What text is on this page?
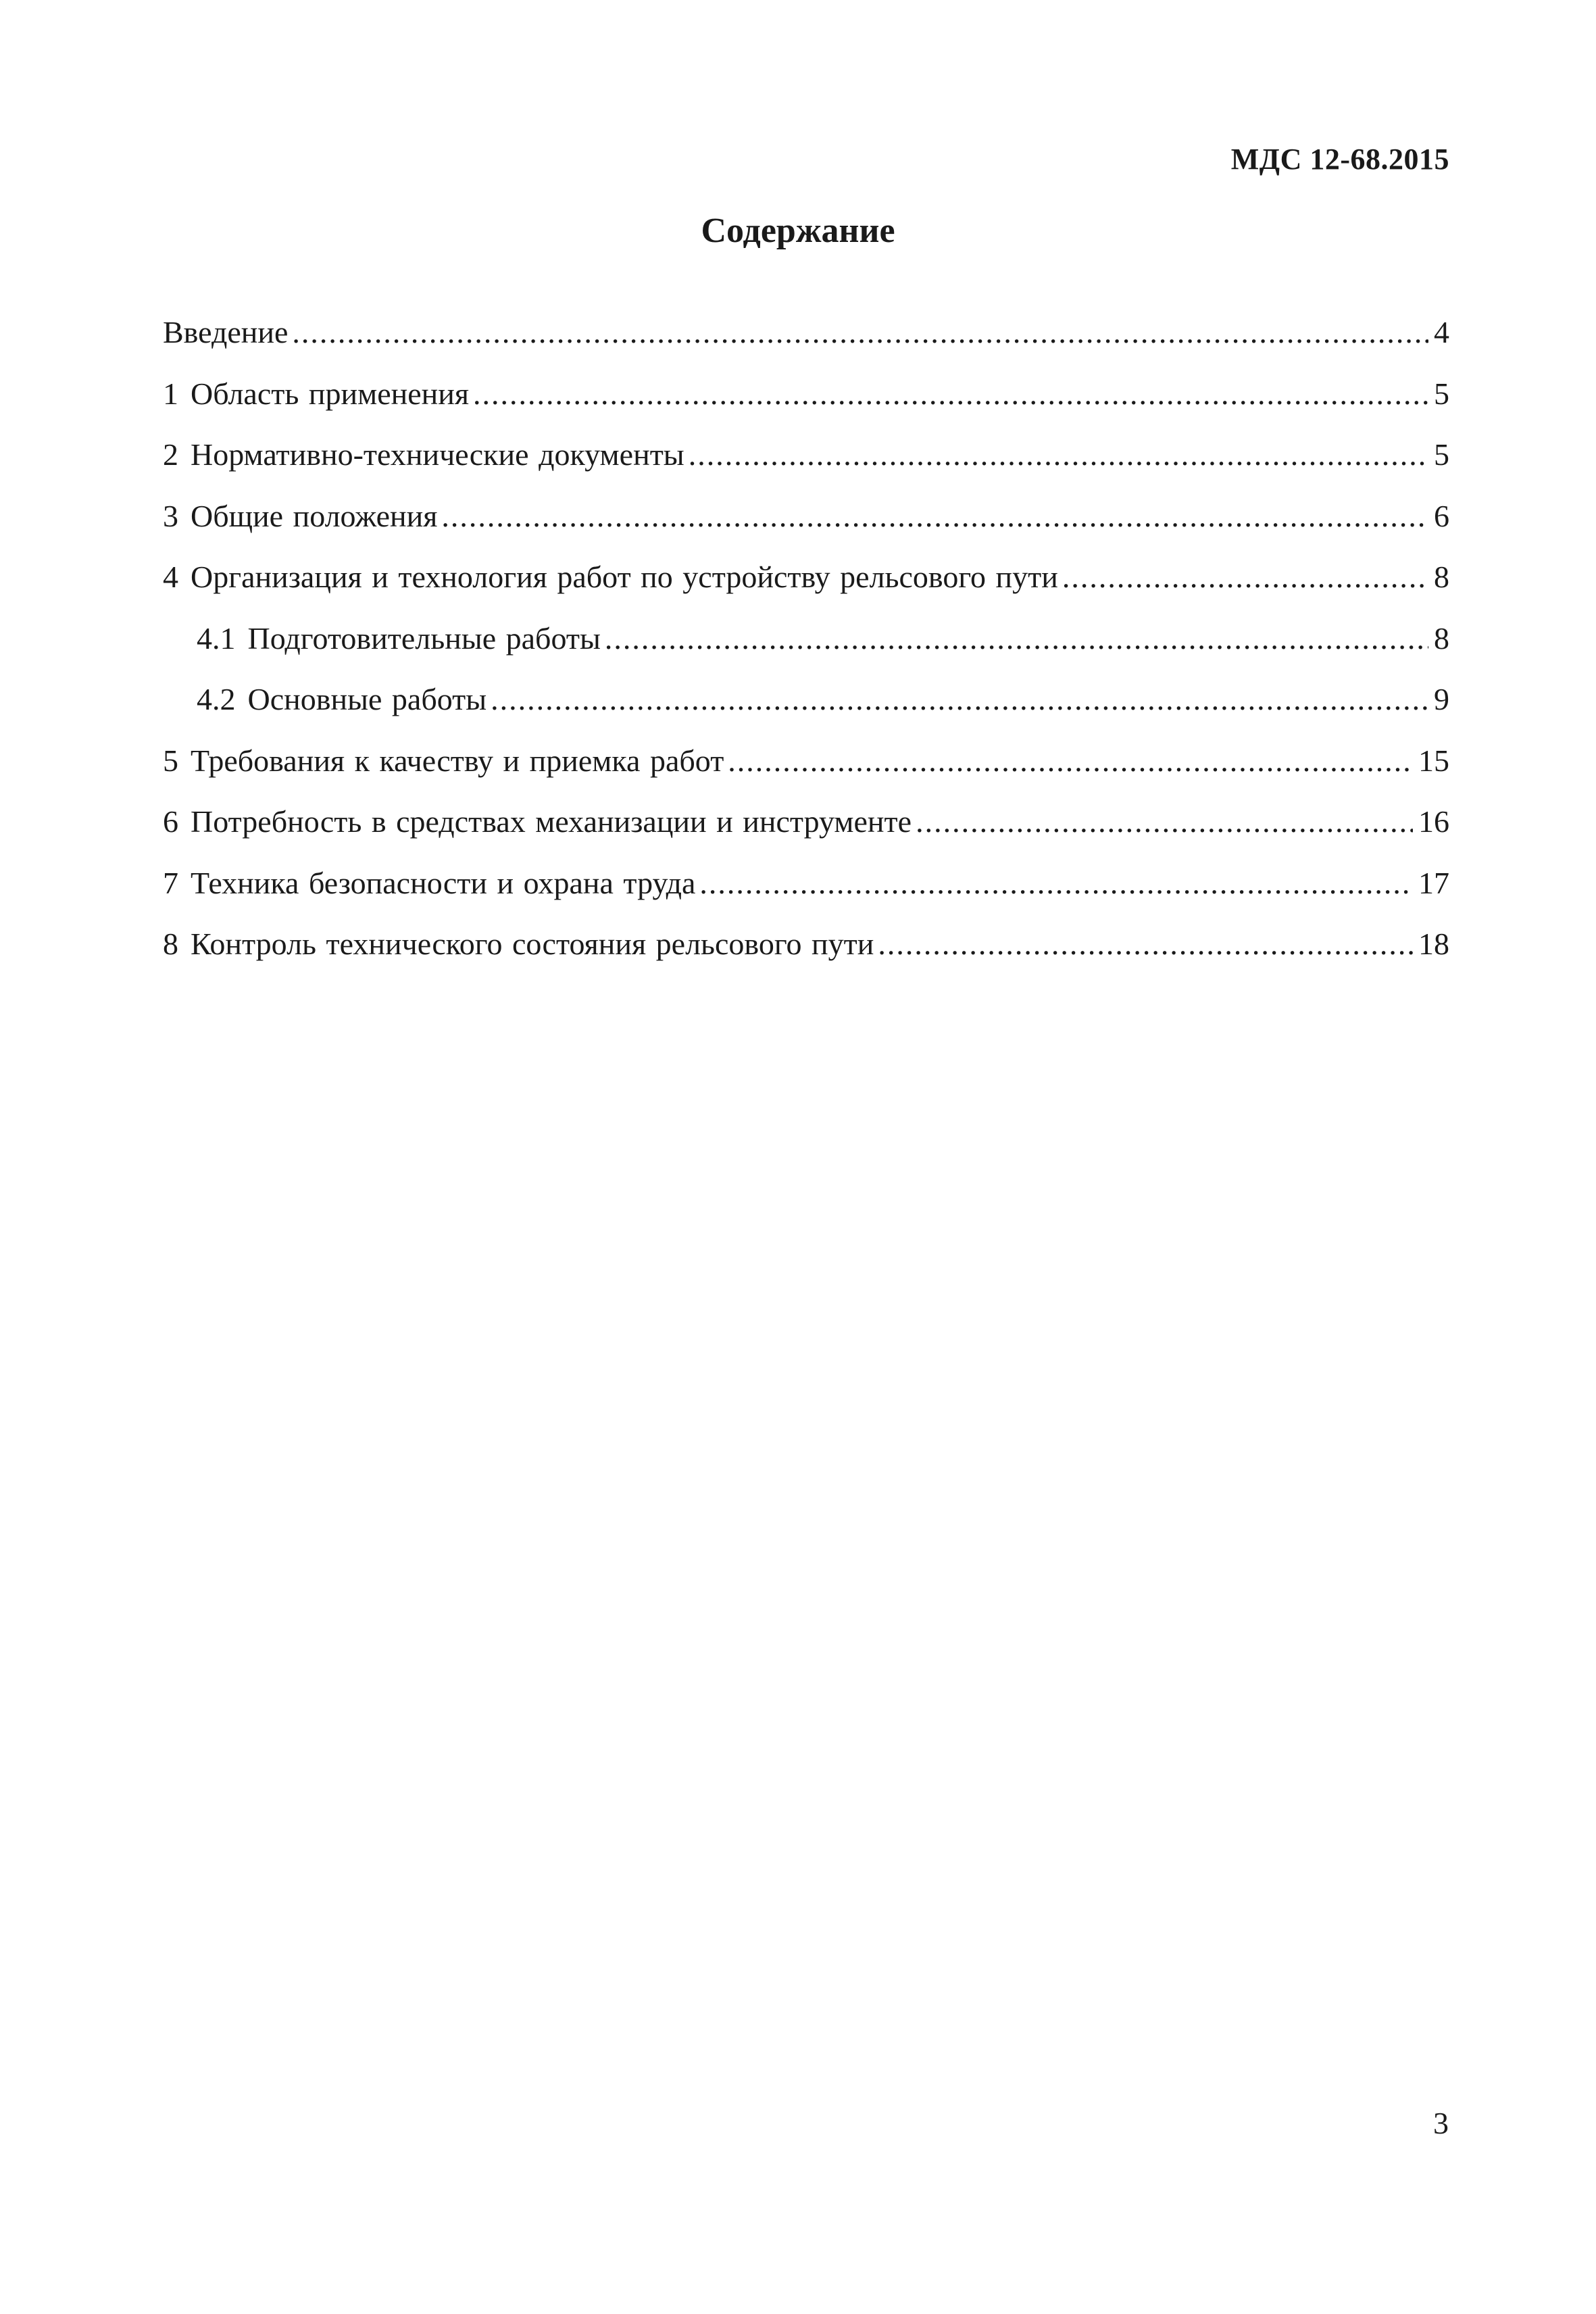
МДС 12-68.2015
Содержание
Введение .....	4
1 Область применения .....	5
2 Нормативно-технические документы .....	5
3 Общие положения .....	6
4 Организация и технология работ по устройству рельсового пути .....	8
4.1 Подготовительные работы .....	8
4.2 Основные работы .....	9
5 Требования к качеству и приемка работ .....	15
6 Потребность в средствах механизации и инструменте .....	16
7 Техника безопасности и охрана труда .....	17
8 Контроль технического состояния рельсового пути .....	18
3
